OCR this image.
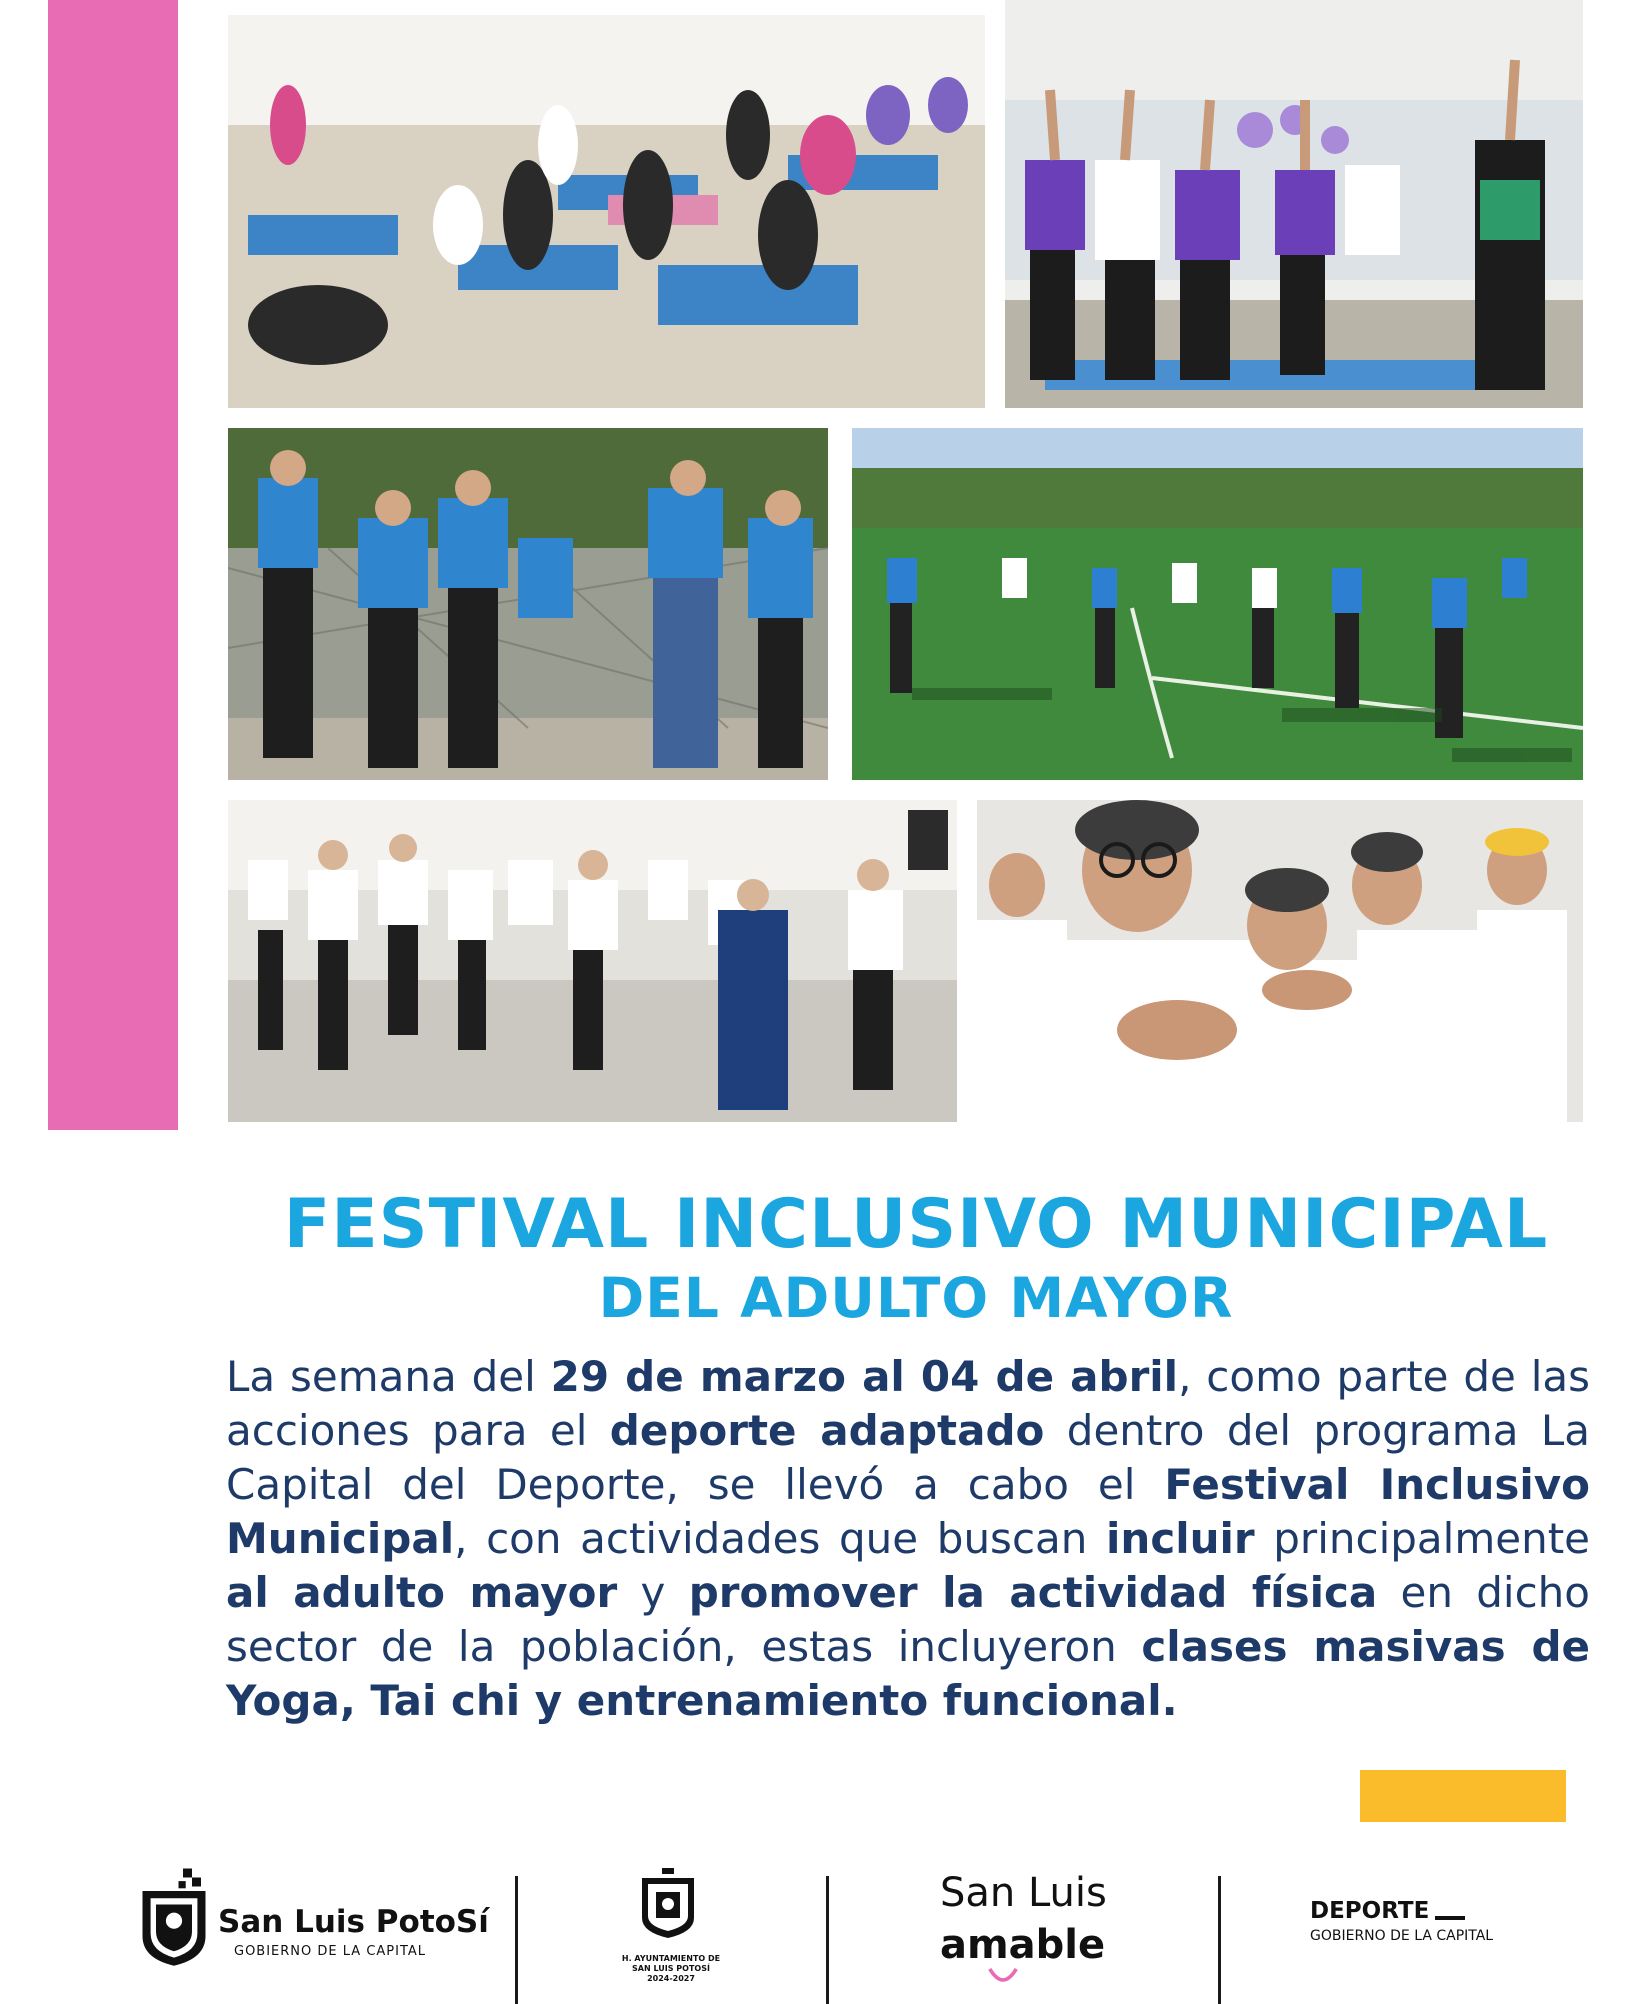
FESTIVAL INCLUSIVO MUNICIPAL
DEL ADULTO MAYOR
La semana del 29 de marzo al 04 de abril, como parte de las acciones para el deporte adaptado dentro del programa La Capital del Deporte, se llevó a cabo el Festival Inclusivo Municipal, con actividades que buscan incluir principalmente al adulto mayor y promover la actividad física en dicho sector de la población, estas incluyeron clases masivas de Yoga, Tai chi y entrenamiento funcional.
San Luis PotoSí
GOBIERNO DE LA CAPITAL	H. AYUNTAMIENTO DE
SAN LUIS POTOSÍ
2024-2027
San Luis
amable
DEPORTE
GOBIERNO DE LA CAPITAL
